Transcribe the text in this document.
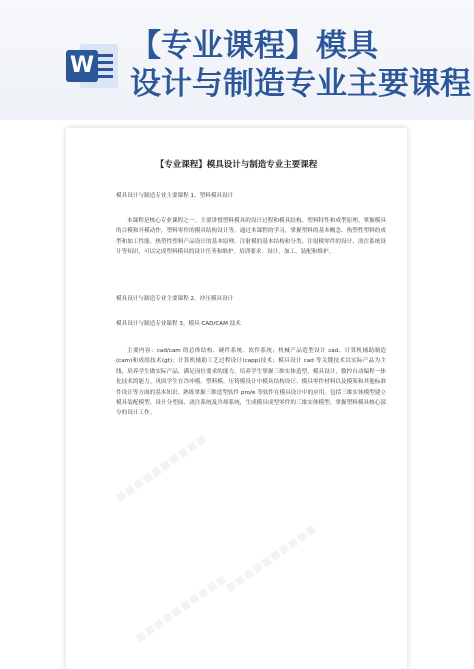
W
【专业课程】模具
设计与制造专业主要课程
▪▪▪▪▪▪▪▪▪▪
▪▪▪▪▪▪▪▪▪▪
▪▪▪▪▪▪▪▪▪▪
【专业课程】模具设计与制造专业主要课程
模具设计与制造专业主要课程 1、塑料模具设计
本课程是核心专业课程之一。主要讲授塑料模具的设计过程和模具结构、塑料特性和成型原理、掌握模具的合模和开模动作，塑料零件的模具结构设计等。通过本课程的学习，掌握塑料的基本概念、热塑性塑料的成型和加工性能、热塑性塑料产品设计的基本原理、注射模的基本结构和分类、注射模零件的设计、浇注系统设计等知识，可以完成塑料模具的设计任务和维护。培训要求：设计、加工、装配和维护。
模具设计与制造专业主要课程 2、冲压模具设计
模具设计与制造专业课程 3。模具 CAD/CAM 技术
主要内容：cad/cam 的总体结构、硬件系统、软件系统；机械产品造型设计 cad、计算机辅助制造(cam)和成组技术(gt)；计算机辅助工艺过程设计(capp)技术；模具设计 cad 等关键技术以实际产品为主线，培养学生做实际产品、满足岗位要求的能力，培养学生掌握三维实体造型、模具设计，数控自动编程一体化技术的能力。巩固学生在冷冲模、塑料模、压铸模设计中模具结构设计、模具零件材料以及模架和其他标准件设计等方面的基本知识。熟练掌握三维造型软件 pro/e 等软件在模具设计中的应用。包括三维实体模型建立模具装配模型、设计分型面、浇注系统及冷却系统，生成模具成型零件的三维实体模型、掌握塑料模具核心部分的设计工作。
